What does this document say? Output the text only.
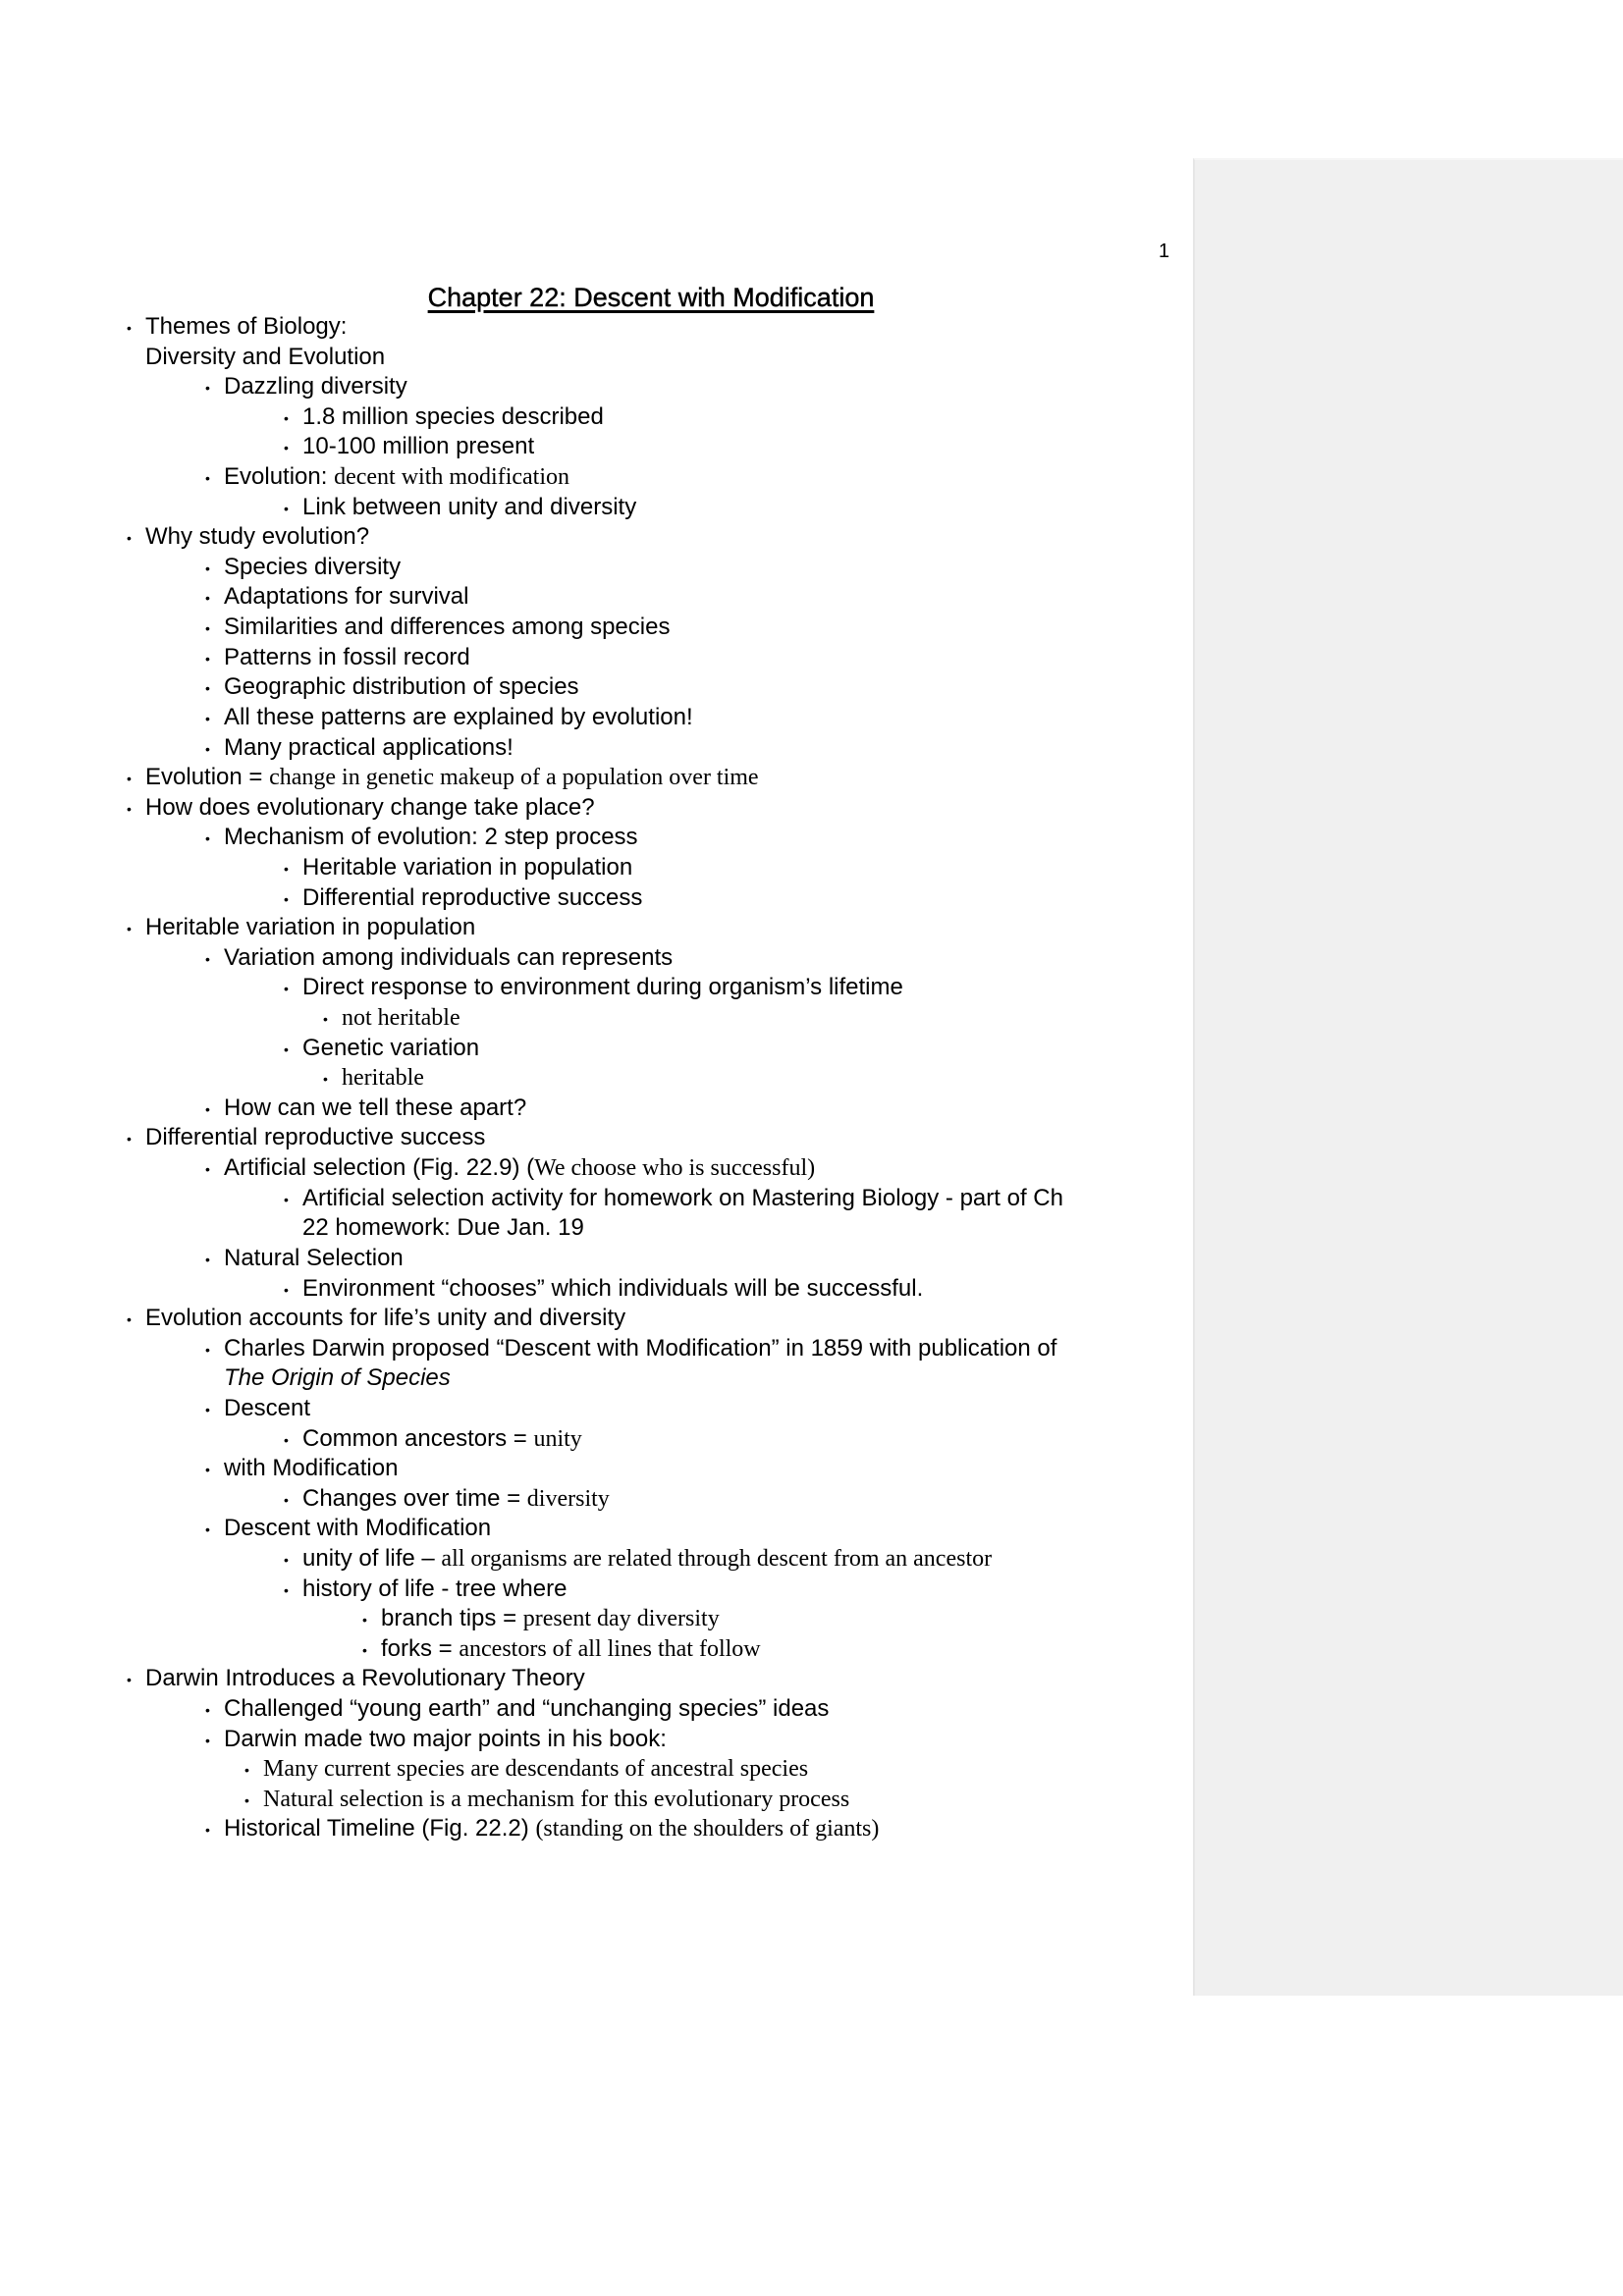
1
Chapter 22: Descent with Modification
• Themes of Biology:
Diversity and Evolution
• Dazzling diversity
• 1.8 million species described
• 10-100 million present
• Evolution: decent with modification
• Link between unity and diversity
• Why study evolution?
• Species diversity
• Adaptations for survival
• Similarities and differences among species
• Patterns in fossil record
• Geographic distribution of species
• All these patterns are explained by evolution!
• Many practical applications!
• Evolution = change in genetic makeup of a population over time
• How does evolutionary change take place?
• Mechanism of evolution: 2 step process
• Heritable variation in population
• Differential reproductive success
• Heritable variation in population
• Variation among individuals can represents
• Direct response to environment during organism’s lifetime
• not heritable
• Genetic variation
• heritable
• How can we tell these apart?
• Differential reproductive success
• Artificial selection (Fig. 22.9) (We choose who is successful)
• Artificial selection activity for homework on Mastering Biology - part of Ch
22 homework: Due Jan. 19
• Natural Selection
• Environment “chooses” which individuals will be successful.
• Evolution accounts for life’s unity and diversity
• Charles Darwin proposed “Descent with Modification” in 1859 with publication of
The Origin of Species
• Descent
• Common ancestors = unity
• with Modification
• Changes over time = diversity
• Descent with Modification
• unity of life – all organisms are related through descent from an ancestor
• history of life - tree where
• branch tips = present day diversity
• forks = ancestors of all lines that follow
• Darwin Introduces a Revolutionary Theory
• Challenged “young earth” and “unchanging species” ideas
• Darwin made two major points in his book:
• Many current species are descendants of ancestral species
• Natural selection is a mechanism for this evolutionary process
• Historical Timeline (Fig. 22.2) (standing on the shoulders of giants)
